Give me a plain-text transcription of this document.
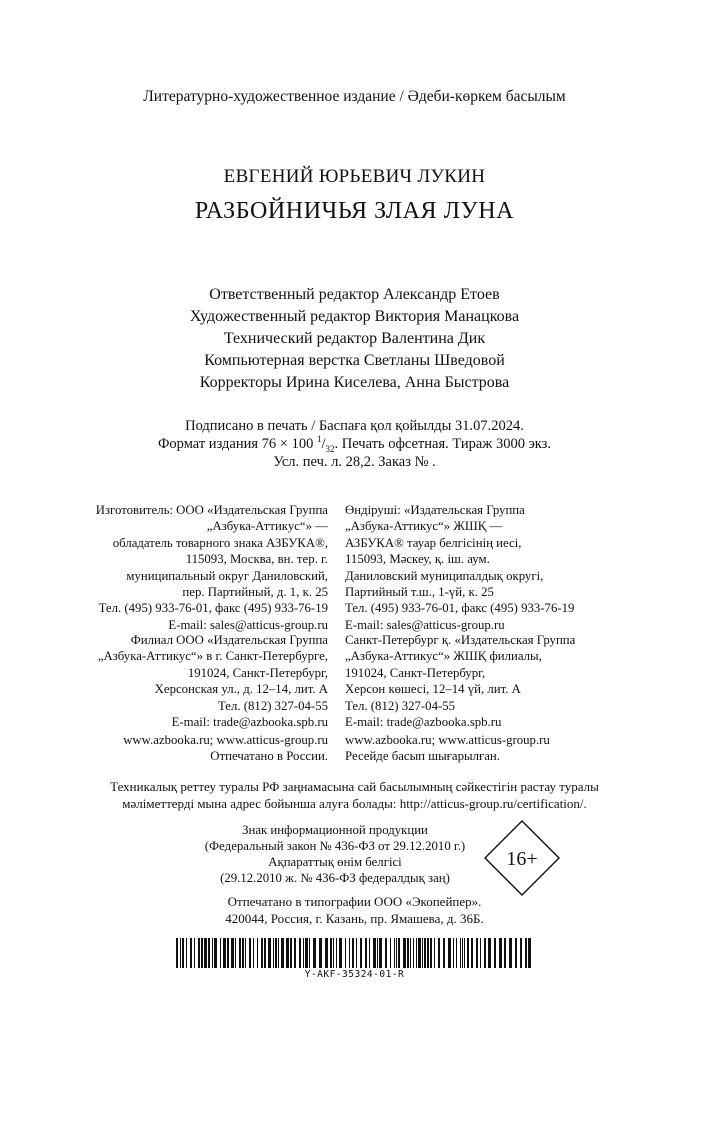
Литературно-художественное издание / Әдеби-көркем басылым
ЕВГЕНИЙ ЮРЬЕВИЧ ЛУКИН
РАЗБОЙНИЧЬЯ ЗЛАЯ ЛУНА
Ответственный редактор Александр Етоев
Художественный редактор Виктория Манацкова
Технический редактор Валентина Дик
Компьютерная верстка Светланы Шведовой
Корректоры Ирина Киселева, Анна Быстрова
Подписано в печать / Баспаға қол қойылды 31.07.2024.
Формат издания 76 × 100 $^1/_{32}$. Печать офсетная. Тираж 3000 экз.
Усл. печ. л. 28,2. Заказ № .
Изготовитель: ООО «Издательская Группа
„Азбука-Аттикус“» —
обладатель товарного знака АЗБУКА®,
115093, Москва, вн. тер. г.
муниципальный округ Даниловский,
пер. Партийный, д. 1, к. 25
Тел. (495) 933-76-01, факс (495) 933-76-19
E-mail: sales@atticus-group.ru
Өндіруші: «Издательская Группа
„Азбука-Аттикус“» ЖШҚ —
АЗБУКА® тауар белгісінің иесі,
115093, Мәскеу, қ. іш. аум.
Даниловский муниципалдық округі,
Партийный т.ш., 1-үй, к. 25
Тел. (495) 933-76-01, факс (495) 933-76-19
E-mail: sales@atticus-group.ru
Филиал ООО «Издательская Группа
„Азбука-Аттикус“» в г. Санкт-Петербурге,
191024, Санкт-Петербург,
Херсонская ул., д. 12–14, лит. А
Тел. (812) 327-04-55
E-mail: trade@azbooka.spb.ru
Санкт-Петербург қ. «Издательская Группа
„Азбука-Аттикус“» ЖШҚ филиалы,
191024, Санкт-Петербург,
Херсон көшесі, 12–14 үй, лит. А
Тел. (812) 327-04-55
E-mail: trade@azbooka.spb.ru
www.azbooka.ru; www.atticus-group.ru
Отпечатано в России.
www.azbooka.ru; www.atticus-group.ru
Ресейде басып шығарылған.
Техникалық реттеу туралы РФ заңнамасына сай басылымның сәйкестігін растау туралы
мәліметтерді мына адрес бойынша алуға болады: http://atticus-group.ru/certification/.
Знак информационной продукции
(Федеральный закон № 436-ФЗ от 29.12.2010 г.)
Ақпараттық өнім белгісі
(29.12.2010 ж. № 436-ФЗ федералдық заң)
16+
Отпечатано в типографии ООО «Экопейпер».
420044, Россия, г. Казань, пр. Ямашева, д. 36Б.
Y-AKF-35324-01-R
